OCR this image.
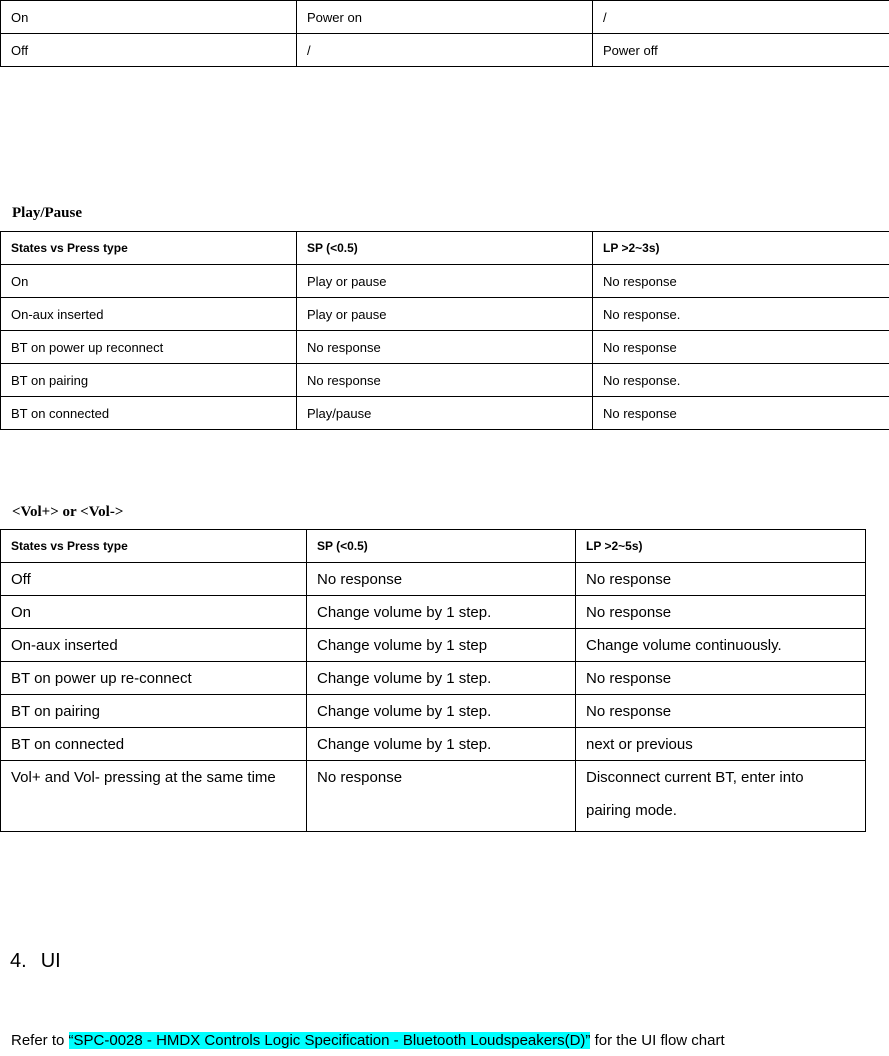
On	Power on	/
Off	/	Power off
Play/Pause
States vs Press type	SP (<0.5)	LP >2~3s)
On	Play or pause	No response
On-aux inserted	Play or pause	No response.
BT on power up reconnect	No response	No response
BT on pairing	No response	No response.
BT on connected	Play/pause	No response
<Vol+> or <Vol->
States vs Press type	SP (<0.5)	LP >2~5s)
Off	No response	No response
On	Change volume by 1 step.	No response
On-aux inserted	Change volume by 1 step	Change volume continuously.
BT on power up re-connect	Change volume by 1 step.	No response
BT on pairing	Change volume by 1 step.	No response
BT on connected	Change volume by 1 step.	next or previous
Vol+ and Vol- pressing at the same time	No response	Disconnect current BT, enter into
pairing mode.
4. UI
Refer to “SPC-0028 - HMDX Controls Logic Specification - Bluetooth Loudspeakers(D)” for the UI flow chart
